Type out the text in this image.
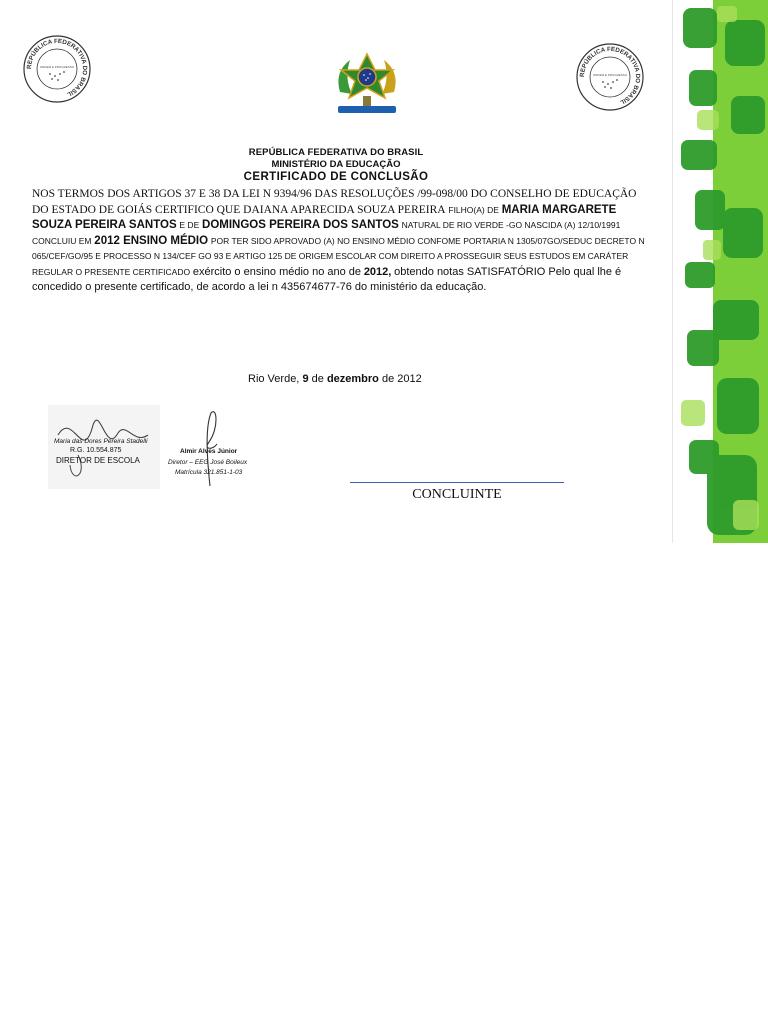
REPÚBLICA FEDERATIVA DO BRASIL
ORDEM E PROGRESSO
REPÚBLICA FEDERATIVA DO BRASIL
ORDEM E PROGRESSO
REPÚBLICA FEDERATIVA DO BRASIL
MINISTÉRIO DA EDUCAÇÃO
CERTIFICADO DE CONCLUSÃO
NOS TERMOS DOS ARTIGOS 37 E 38 DA LEI N 9394/96 DAS RESOLUÇÕES /99-098/00 DO CONSELHO DE EDUCAÇÃO DO ESTADO DE GOIÁS CERTIFICO QUE DAIANA APARECIDA SOUZA PEREIRA FILHO(A) DE MARIA MARGARETE SOUZA PEREIRA SANTOS E DE DOMINGOS PEREIRA DOS SANTOS NATURAL DE RIO VERDE -GO NASCIDA (A) 12/10/1991 CONCLUIU EM 2012 ENSINO MÉDIO POR TER SIDO APROVADO (A) NO ENSINO MÉDIO CONFOME PORTARIA N 1305/07GO/SEDUC DECRETO N 065/CEF/GO/95 E PROCESSO N 134/CEF GO 93 E ARTIGO 125 DE ORIGEM ESCOLAR COM DIREITO A PROSSEGUIR SEUS ESTUDOS EM CARÁTER REGULAR O PRESENTE CERTIFICADO exército o ensino médio no ano de 2012, obtendo notas SATISFATÓRIO Pelo qual lhe é concedido o presente certificado, de acordo a lei n 435674677-76 do ministério da educação.
Rio Verde, 9 de dezembro de 2012
Maria das Dores Pereira Stadelli
R.G. 10.554.875
DIRETOR DE ESCOLA
Almir Alves Júnior
Diretor – EEG José Boileux
Matrícula 321.851-1-03
CONCLUINTE
